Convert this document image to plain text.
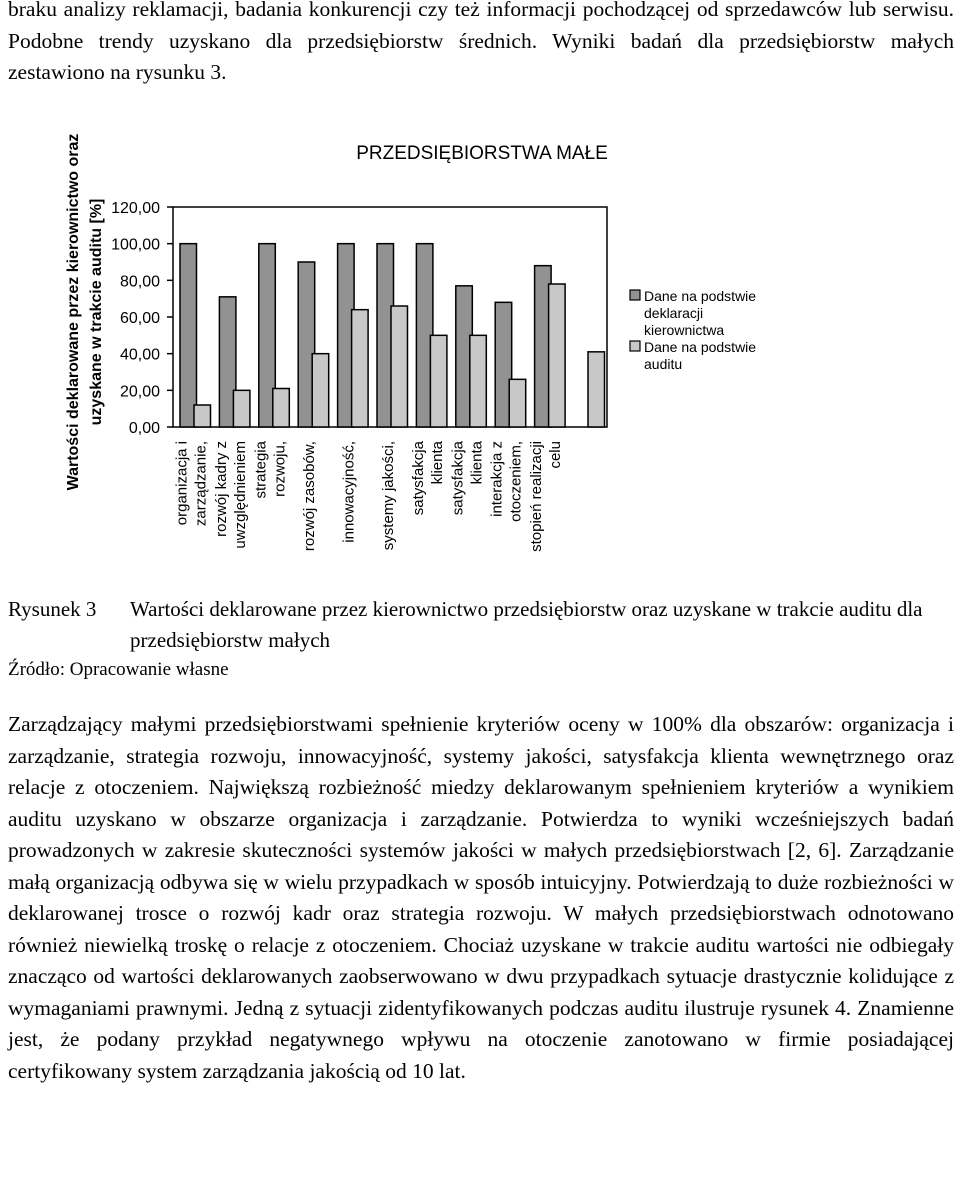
braku analizy reklamacji, badania konkurencji czy też informacji pochodzącej od sprzedawców lub serwisu. Podobne trendy uzyskano dla przedsiębiorstw średnich. Wyniki badań dla przedsiębiorstw małych zestawiono na rysunku 3.

PRZEDSIĘBIORSTWA MAŁE
Wartości deklarowane przez kierownictwo oraz uzyskane w trakcie auditu [%]
0,00
20,00
40,00
60,00
80,00
100,00
120,00
organizacja i zarządzanie, rozwój kadry z uwzględnieniem strategia rozwoju, rozwój zasobów, innowacyjność, systemy jakości, satysfakcja klienta satysfakcja klienta interakcja z otoczeniem, stopień realizacji celu
Dane na podstwie
deklaracji
kierownictwa
Dane na podstwie
auditu
Rysunek 3 Wartości deklarowane przez kierownictwo przedsiębiorstw oraz uzyskane w trakcie auditu dla przedsiębiorstw małych
Źródło: Opracowanie własne

Zarządzający małymi przedsiębiorstwami spełnienie kryteriów oceny w 100% dla obszarów: organizacja i zarządzanie, strategia rozwoju, innowacyjność, systemy jakości, satysfakcja klienta wewnętrznego oraz relacje z otoczeniem. Największą rozbieżność miedzy deklarowanym spełnieniem kryteriów a wynikiem auditu uzyskano w obszarze organizacja i zarządzanie. Potwierdza to wyniki wcześniejszych badań prowadzonych w zakresie skuteczności systemów jakości w małych przedsiębiorstwach [2, 6]. Zarządzanie małą organizacją odbywa się w wielu przypadkach w sposób intuicyjny. Potwierdzają to duże rozbieżności w deklarowanej trosce o rozwój kadr oraz strategia rozwoju. W małych przedsiębiorstwach odnotowano również niewielką troskę o relacje z otoczeniem. Chociaż uzyskane w trakcie auditu wartości nie odbiegały znacząco od wartości deklarowanych zaobserwowano w dwu przypadkach sytuacje drastycznie kolidujące z wymaganiami prawnymi. Jedną z sytuacji zidentyfikowanych podczas auditu ilustruje rysunek 4. Znamienne jest, że podany przykład negatywnego wpływu na otoczenie zanotowano w firmie posiadającej certyfikowany system zarządzania jakością od 10 lat.
